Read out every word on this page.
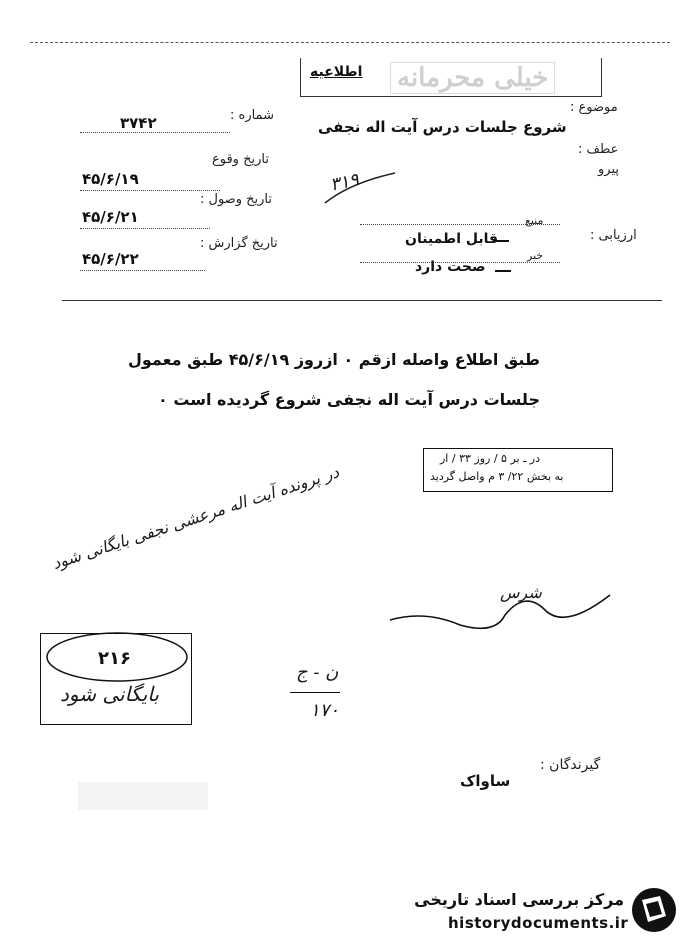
اطلاعیه خیلی محرمانه
موضوع :
شروع جلسات درس آیت اله نجفی
شماره :
۳۷۴۲
تاریخ وقوع
۴۵/۶/۱۹
تاریخ وصول :
۴۵/۶/۲۱
تاریخ گزارش :
۴۵/۶/۲۲
عطف :
پیرو
۳۱۹
ارزیابی :
منبع
قابل اطمینان
خبر
صحت دارد
طبق اطلاع واصله ازقم ۰ ازروز ۴۵/۶/۱۹ طبق معمول
جلسات درس آیت اله نجفی شروع گردیده است ۰
در ـ بر ۵ / روز ۳۳ / ار
به بخش ۲۲/ ۳ م واصل گردید
در پرونده آیت اله مرعشی نجفی بایگانی شود
شرس
۲۱۶
بایگانی شود
ن - ج
۱۷۰
گیرندگان :
ساواک
مرکز بررسی اسناد تاریخی
historydocuments.ir
